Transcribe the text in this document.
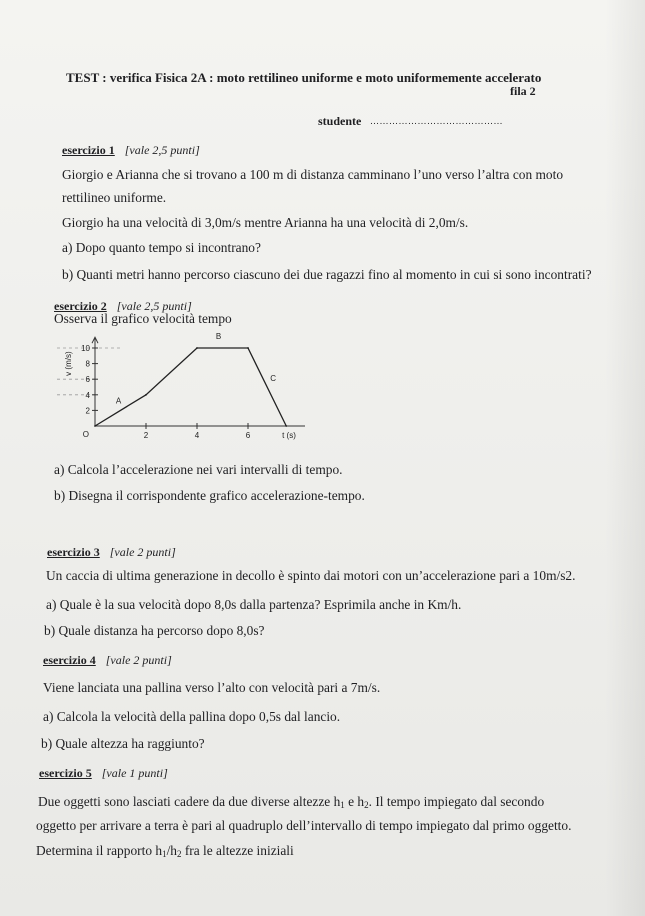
TEST : verifica Fisica 2A : moto rettilineo uniforme e moto uniformemente accelerato
fila 2
studente ……………………………………
esercizio 1 [vale 2,5 punti]
Giorgio e Arianna che si trovano a 100 m di distanza camminano l’uno verso l’altra con moto
rettilineo uniforme.
Giorgio ha una velocità di 3,0m/s mentre Arianna ha una velocità di 2,0m/s.
a) Dopo quanto tempo si incontrano?
b) Quanti metri hanno percorso ciascuno dei due ragazzi fino al momento in cui si sono incontrati?
esercizio 2 [vale 2,5 punti]
Osserva il grafico velocità tempo
2
4
6
8
10
2	4	6
O	t (s)
v (m/s)
A
B
C
a) Calcola l’accelerazione nei vari intervalli di tempo.
b) Disegna il corrispondente grafico accelerazione-tempo.
esercizio 3 [vale 2 punti]
Un caccia di ultima generazione in decollo è spinto dai motori con un’accelerazione pari a 10m/s2.
a) Quale è la sua velocità dopo 8,0s dalla partenza? Esprimila anche in Km/h.
b) Quale distanza ha percorso dopo 8,0s?
esercizio 4 [vale 2 punti]
Viene lanciata una pallina verso l’alto con velocità pari a 7m/s.
a) Calcola la velocità della pallina dopo 0,5s dal lancio.
b) Quale altezza ha raggiunto?
esercizio 5 [vale 1 punti]
Due oggetti sono lasciati cadere da due diverse altezze $h_1$ e $h_2$. Il tempo impiegato dal secondo
oggetto per arrivare a terra è pari al quadruplo dell’intervallo di tempo impiegato dal primo oggetto.
Determina il rapporto $h_1/h_2$ fra le altezze iniziali
